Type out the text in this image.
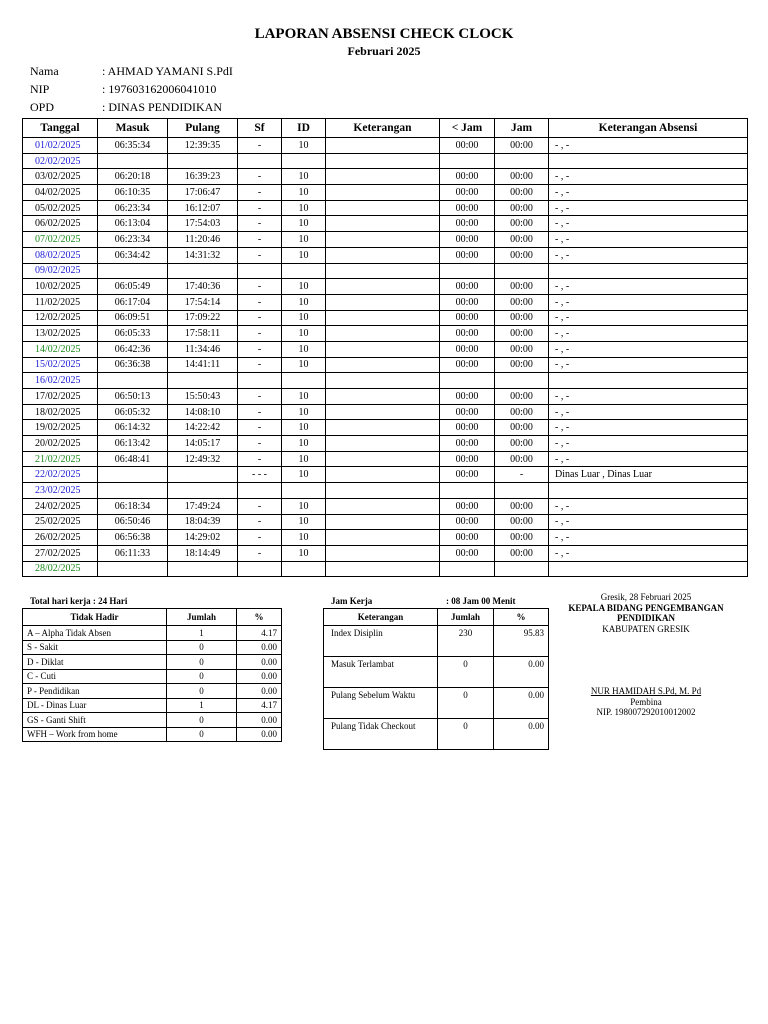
LAPORAN ABSENSI CHECK CLOCK
Februari 2025
Nama	: AHMAD YAMANI S.PdI
NIP	: 197603162006041010
OPD	: DINAS PENDIDIKAN
Tanggal	Masuk	Pulang	Sf	ID	Keterangan	< Jam	Jam	Keterangan Absensi
01/02/2025	06:35:34	12:39:35	-	10		00:00	00:00	- , -
02/02/2025								
03/02/2025	06:20:18	16:39:23	-	10		00:00	00:00	- , -
04/02/2025	06:10:35	17:06:47	-	10		00:00	00:00	- , -
05/02/2025	06:23:34	16:12:07	-	10		00:00	00:00	- , -
06/02/2025	06:13:04	17:54:03	-	10		00:00	00:00	- , -
07/02/2025	06:23:34	11:20:46	-	10		00:00	00:00	- , -
08/02/2025	06:34:42	14:31:32	-	10		00:00	00:00	- , -
09/02/2025								
10/02/2025	06:05:49	17:40:36	-	10		00:00	00:00	- , -
11/02/2025	06:17:04	17:54:14	-	10		00:00	00:00	- , -
12/02/2025	06:09:51	17:09:22	-	10		00:00	00:00	- , -
13/02/2025	06:05:33	17:58:11	-	10		00:00	00:00	- , -
14/02/2025	06:42:36	11:34:46	-	10		00:00	00:00	- , -
15/02/2025	06:36:38	14:41:11	-	10		00:00	00:00	- , -
16/02/2025								
17/02/2025	06:50:13	15:50:43	-	10		00:00	00:00	- , -
18/02/2025	06:05:32	14:08:10	-	10		00:00	00:00	- , -
19/02/2025	06:14:32	14:22:42	-	10		00:00	00:00	- , -
20/02/2025	06:13:42	14:05:17	-	10		00:00	00:00	- , -
21/02/2025	06:48:41	12:49:32	-	10		00:00	00:00	- , -
22/02/2025			- - -	10		00:00	-	Dinas Luar , Dinas Luar
23/02/2025								
24/02/2025	06:18:34	17:49:24	-	10		00:00	00:00	- , -
25/02/2025	06:50:46	18:04:39	-	10		00:00	00:00	- , -
26/02/2025	06:56:38	14:29:02	-	10		00:00	00:00	- , -
27/02/2025	06:11:33	18:14:49	-	10		00:00	00:00	- , -
28/02/2025								
Total hari kerja : 24 Hari	Jam Kerja	: 08 Jam 00 Menit
Tidak Hadir	Jumlah	%
A – Alpha Tidak Absen	1	4.17
S - Sakit	0	0.00
D - Diklat	0	0.00
C - Cuti	0	0.00
P - Pendidikan	0	0.00
DL - Dinas Luar	1	4.17
GS - Ganti Shift	0	0.00
WFH – Work from home	0	0.00
Keterangan	Jumlah	%
Index Disiplin	230	95.83
Masuk Terlambat	0	0.00
Pulang Sebelum Waktu	0	0.00
Pulang Tidak Checkout	0	0.00
Gresik, 28 Februari 2025
KEPALA BIDANG PENGEMBANGAN PENDIDIKAN
KABUPATEN GRESIK
NUR HAMIDAH S.Pd, M. Pd
Pembina
NIP. 198007292010012002
